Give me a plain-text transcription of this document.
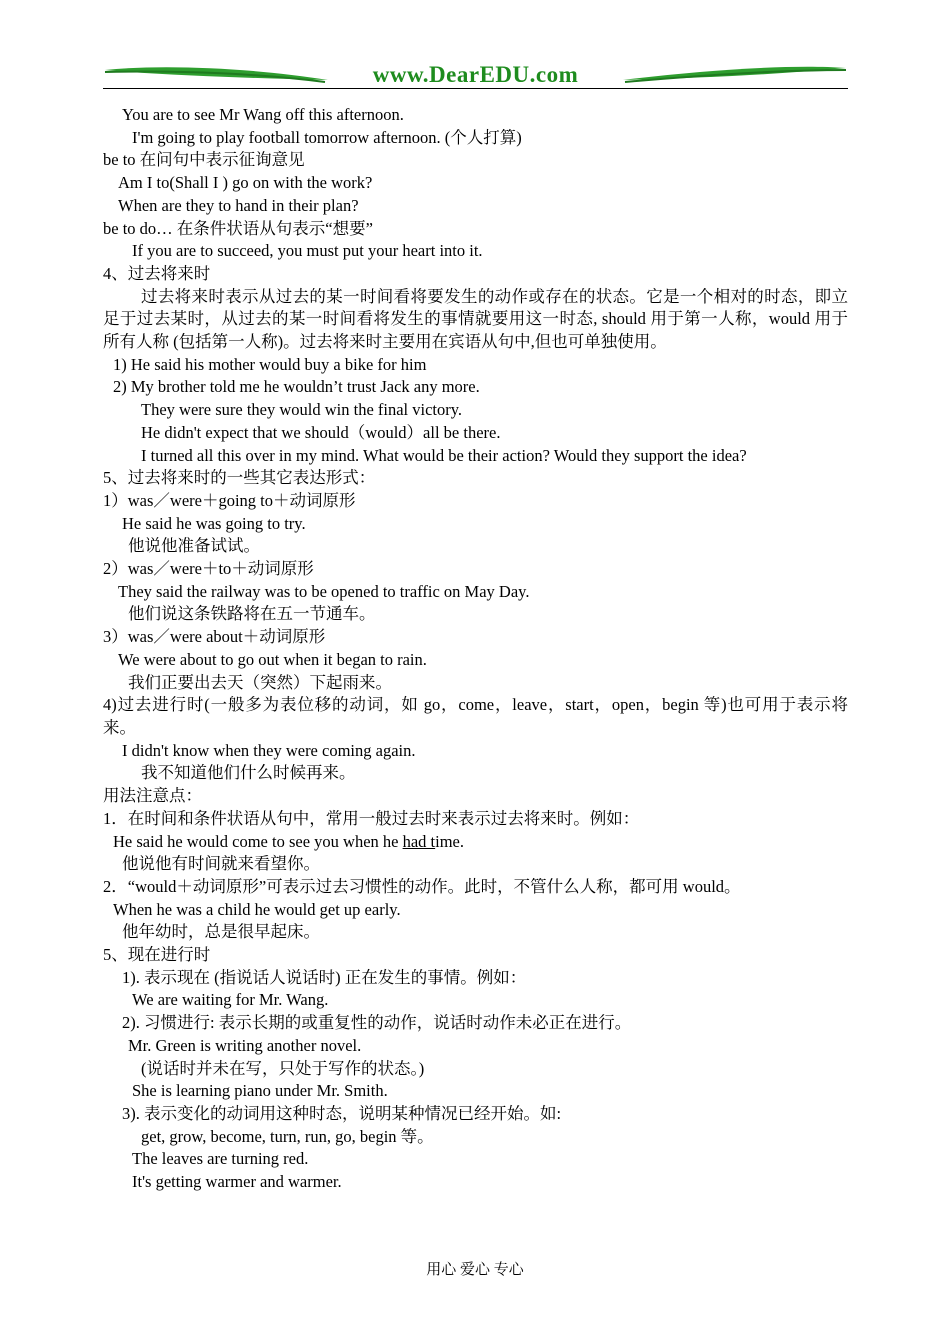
www.DearEDU.com
You are to see Mr Wang off this afternoon.
I'm going to play football tomorrow afternoon. (个人打算)
be to 在问句中表示征询意见
Am I to(Shall I ) go on with the work?
When are they to hand in their plan?
be to do… 在条件状语从句表示“想要”
If you are to succeed, you must put your heart into it.
4、过去将来时
过去将来时表示从过去的某一时间看将要发生的动作或存在的状态。它是一个相对的时态，即立足于过去某时，从过去的某一时间看将发生的事情就要用这一时态, should 用于第一人称，would 用于所有人称 (包括第一人称)。过去将来时主要用在宾语从句中,但也可单独使用。
1) He said his mother would buy a bike for him
2) My brother told me he wouldn’t trust Jack any more.
They were sure they would win the final victory.
He didn't expect that we should（would）all be there.
I turned all this over in my mind. What would be their action? Would they support the idea?
5、过去将来时的一些其它表达形式：
1）was／were＋going to＋动词原形
He said he was going to try.
他说他准备试试。
2）was／were＋to＋动词原形
They said the railway was to be opened to traffic on May Day.
他们说这条铁路将在五一节通车。
3）was／were about＋动词原形
We were about to go out when it began to rain.
我们正要出去天（突然）下起雨来。
4)过去进行时(一般多为表位移的动词，如 go，come，leave，start，open，begin 等)也可用于表示将来。
I didn't know when they were coming again.
我不知道他们什么时候再来。
用法注意点：
1．在时间和条件状语从句中，常用一般过去时来表示过去将来时。例如：
He said he would come to see you when he had time.
他说他有时间就来看望你。
2．“would＋动词原形”可表示过去习惯性的动作。此时，不管什么人称，都可用 would。
When he was a child he would get up early.
他年幼时，总是很早起床。
5、现在进行时
1). 表示现在 (指说话人说话时) 正在发生的事情。例如：
We are waiting for Mr. Wang.
2). 习惯进行: 表示长期的或重复性的动作，说话时动作未必正在进行。
Mr. Green is writing another novel.
(说话时并未在写，只处于写作的状态。)
She is learning piano under Mr. Smith.
3). 表示变化的动词用这种时态，说明某种情况已经开始。如:
get, grow, become, turn, run, go, begin 等。
The leaves are turning red.
It's getting warmer and warmer.
用心 爱心 专心
